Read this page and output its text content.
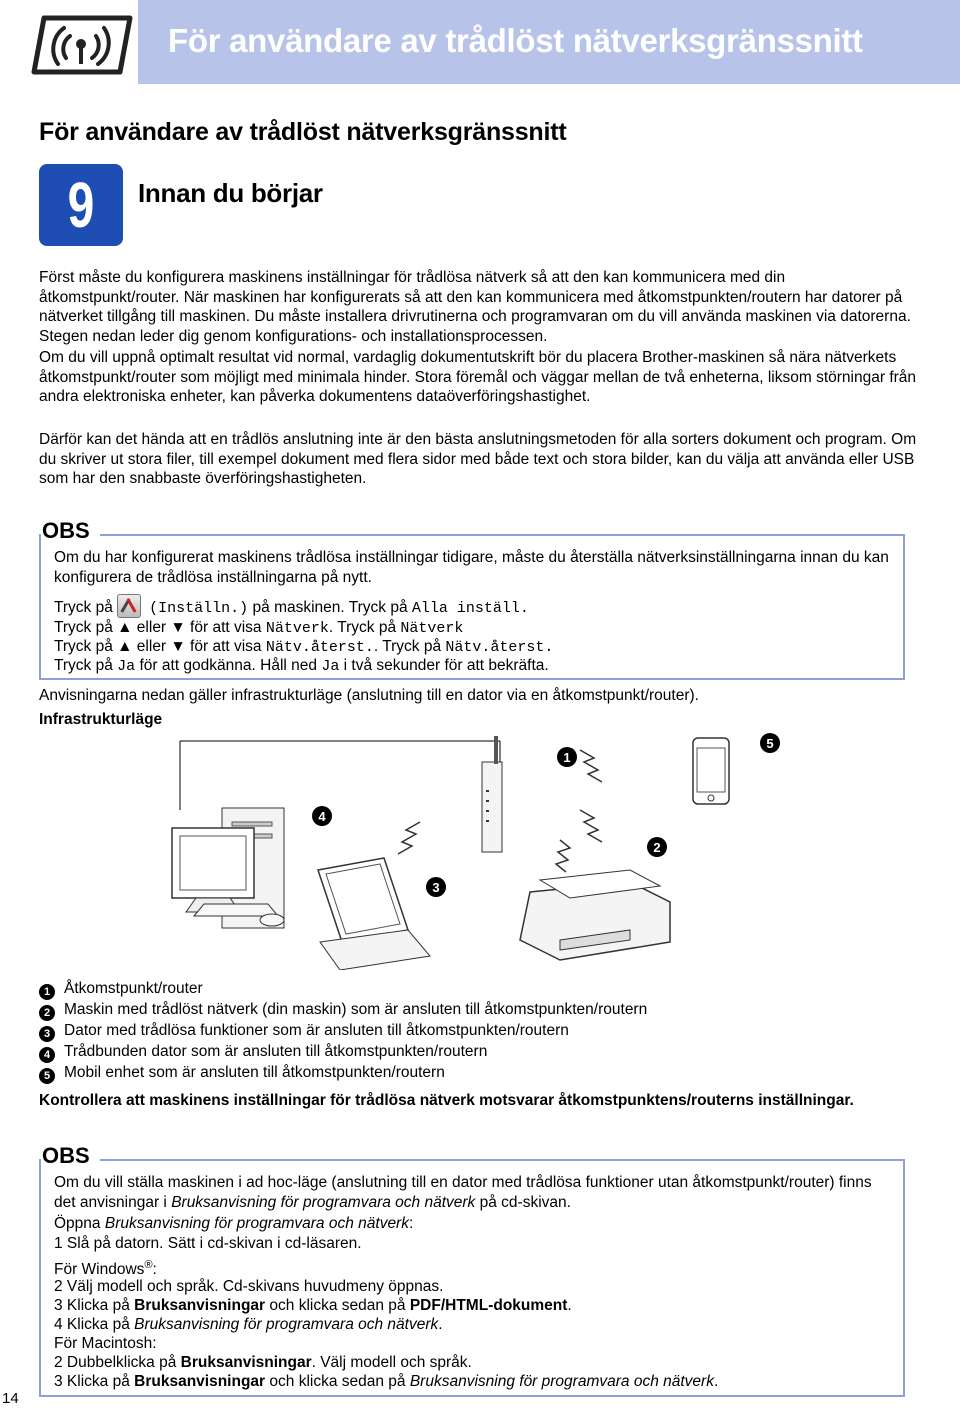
För användare av trådlöst nätverksgränssnitt
För användare av trådlöst nätverksgränssnitt
9	Innan du börjar
Först måste du konfigurera maskinens inställningar för trådlösa nätverk så att den kan kommunicera med din åtkomstpunkt/router. När maskinen har konfigurerats så att den kan kommunicera med åtkomstpunkten/routern har datorer på nätverket tillgång till maskinen. Du måste installera drivrutinerna och programvaran om du vill använda maskinen via datorerna. Stegen nedan leder dig genom konfigurations- och installationsprocessen.
Om du vill uppnå optimalt resultat vid normal, vardaglig dokumentutskrift bör du placera Brother-maskinen så nära nätverkets åtkomstpunkt/router som möjligt med minimala hinder. Stora föremål och väggar mellan de två enheterna, liksom störningar från andra elektroniska enheter, kan påverka dokumentens dataöverföringshastighet.
Därför kan det hända att en trådlös anslutning inte är den bästa anslutningsmetoden för alla sorters dokument och program. Om du skriver ut stora filer, till exempel dokument med flera sidor med både text och stora bilder, kan du välja att använda eller USB som har den snabbaste överföringshastigheten.
OBS
Om du har konfigurerat maskinens trådlösa inställningar tidigare, måste du återställa nätverksinställningarna innan du kan konfigurera de trådlösa inställningarna på nytt.
Tryck på (Inställn.) på maskinen. Tryck på Alla inställ.
Tryck på ▲ eller ▼ för att visa Nätverk. Tryck på Nätverk
Tryck på ▲ eller ▼ för att visa Nätv.återst.. Tryck på Nätv.återst.
Tryck på Ja för att godkänna. Håll ned Ja i två sekunder för att bekräfta.
Anvisningarna nedan gäller infrastrukturläge (anslutning till en dator via en åtkomstpunkt/router).
Infrastrukturläge
1
2
3
4
5
1 Åtkomstpunkt/router
2 Maskin med trådlöst nätverk (din maskin) som är ansluten till åtkomstpunkten/routern
3 Dator med trådlösa funktioner som är ansluten till åtkomstpunkten/routern
4 Trådbunden dator som är ansluten till åtkomstpunkten/routern
5 Mobil enhet som är ansluten till åtkomstpunkten/routern
Kontrollera att maskinens inställningar för trådlösa nätverk motsvarar åtkomstpunktens/routerns inställningar.
OBS
Om du vill ställa maskinen i ad hoc-läge (anslutning till en dator med trådlösa funktioner utan åtkomstpunkt/router) finns det anvisningar i Bruksanvisning för programvara och nätverk på cd-skivan.
Öppna Bruksanvisning för programvara och nätverk:
1 Slå på datorn. Sätt i cd-skivan i cd-läsaren.
För Windows®:
2 Välj modell och språk. Cd-skivans huvudmeny öppnas.
3 Klicka på Bruksanvisningar och klicka sedan på PDF/HTML-dokument.
4 Klicka på Bruksanvisning för programvara och nätverk.
För Macintosh:
2 Dubbelklicka på Bruksanvisningar. Välj modell och språk.
3 Klicka på Bruksanvisningar och klicka sedan på Bruksanvisning för programvara och nätverk.
14
